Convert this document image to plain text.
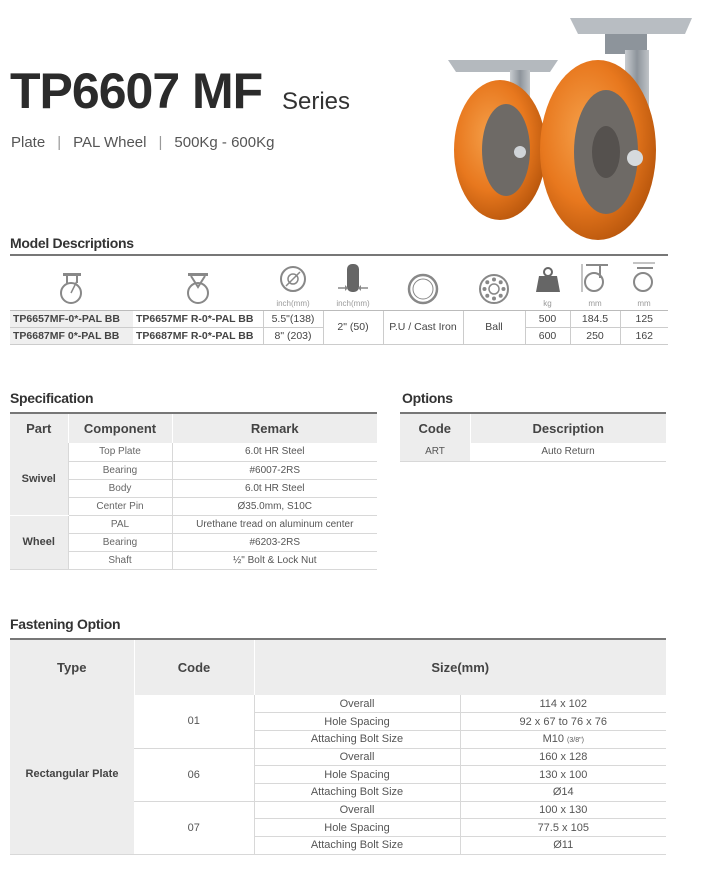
TP6607 MF Series
Plate | PAL Wheel | 500Kg - 600Kg
Model Descriptions

inch(mm)	inch(mm)			kg	mm	mm

TP6657MF-0*-PAL BB	TP6657MF R-0*-PAL BB	5.5"(138)	2" (50)	P.U / Cast Iron	Ball	500	184.5	125
TP6687MF 0*-PAL BB	TP6687MF R-0*-PAL BB	8" (203)				600	250	162
Specification
Part	Component	Remark
Swivel	Top Plate	6.0t HR Steel
	Bearing	#6007-2RS
	Body	6.0t HR Steel
	Center Pin	Ø35.0mm, S10C
Wheel	PAL	Urethane tread on aluminum center
	Bearing	#6203-2RS
	Shaft	½" Bolt & Lock Nut
Options
Code	Description
ART	Auto Return
Fastening Option
Type	Code	Size(mm)	
Rectangular Plate	01	Overall	114 x 102
		Hole Spacing	92 x 67 to 76 x 76
		Attaching Bolt Size	M10 (3/8")
	06	Overall	160 x 128
		Hole Spacing	130 x 100
		Attaching Bolt Size	Ø14
	07	Overall	100 x 130
		Hole Spacing	77.5 x 105
		Attaching Bolt Size	Ø11
